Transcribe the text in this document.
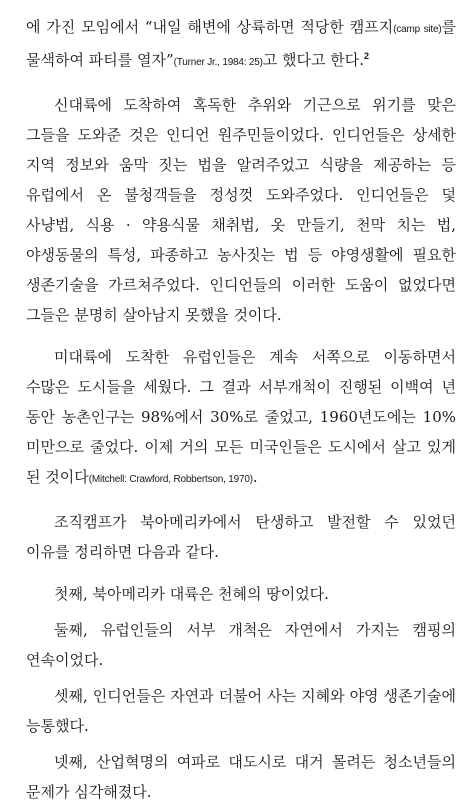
에 가진 모임에서 “내일 해변에 상륙하면 적당한 캠프지(camp site)를 물색하여 파티를 열자”(Turner Jr., 1984: 25)고 했다고 한다.$^2$

신대륙에 도착하여 혹독한 추위와 기근으로 위기를 맞은 그들을 도와준 것은 인디언 원주민들이었다. 인디언들은 상세한 지역 정보와 움막 짓는 법을 알려주었고 식량을 제공하는 등 유럽에서 온 불청객들을 정성껏 도와주었다. 인디언들은 덫 사냥법, 식용 · 약용식물 채취법, 옷 만들기, 천막 치는 법, 야생동물의 특성, 파종하고 농사짓는 법 등 야영생활에 필요한 생존기술을 가르쳐주었다. 인디언들의 이러한 도움이 없었다면 그들은 분명히 살아남지 못했을 것이다.

미대륙에 도착한 유럽인들은 계속 서쪽으로 이동하면서 수많은 도시들을 세웠다. 그 결과 서부개척이 진행된 이백여 년 동안 농촌인구는 98%에서 30%로 줄었고, 1960년도에는 10%미만으로 줄었다. 이제 거의 모든 미국인들은 도시에서 살고 있게 된 것이다(Mitchell: Crawford, Robbertson, 1970).

조직캠프가 북아메리카에서 탄생하고 발전할 수 있었던 이유를 정리하면 다음과 같다.

첫째, 북아메리카 대륙은 천혜의 땅이었다.

둘째, 유럽인들의 서부 개척은 자연에서 가지는 캠핑의 연속이었다.

셋째, 인디언들은 자연과 더불어 사는 지혜와 야영 생존기술에 능통했다.

넷째, 산업혁명의 여파로 대도시로 대거 몰려든 청소년들의 문제가 심각해졌다.
